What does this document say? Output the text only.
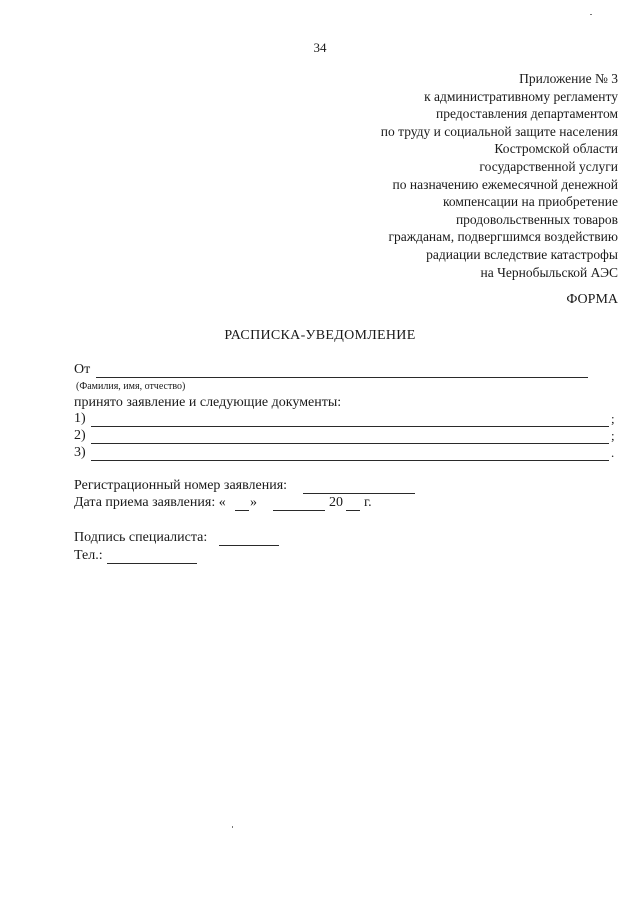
34
Приложение № 3
к административному регламенту
предоставления департаментом
по труду и социальной защите населения
Костромской области
государственной услуги
по назначению ежемесячной денежной
компенсации на приобретение
продовольственных товаров
гражданам, подвергшимся воздействию
радиации вследствие катастрофы
на Чернобыльской АЭС
ФОРМА
РАСПИСКА-УВЕДОМЛЕНИЕ
От
(Фамилия, имя, отчество)
принято заявление и следующие документы:
1)	;
2)	;
3)	.
Регистрационный номер заявления:
Дата приема заявления: « »	20 г.
Подпись специалиста:
Тел.:
